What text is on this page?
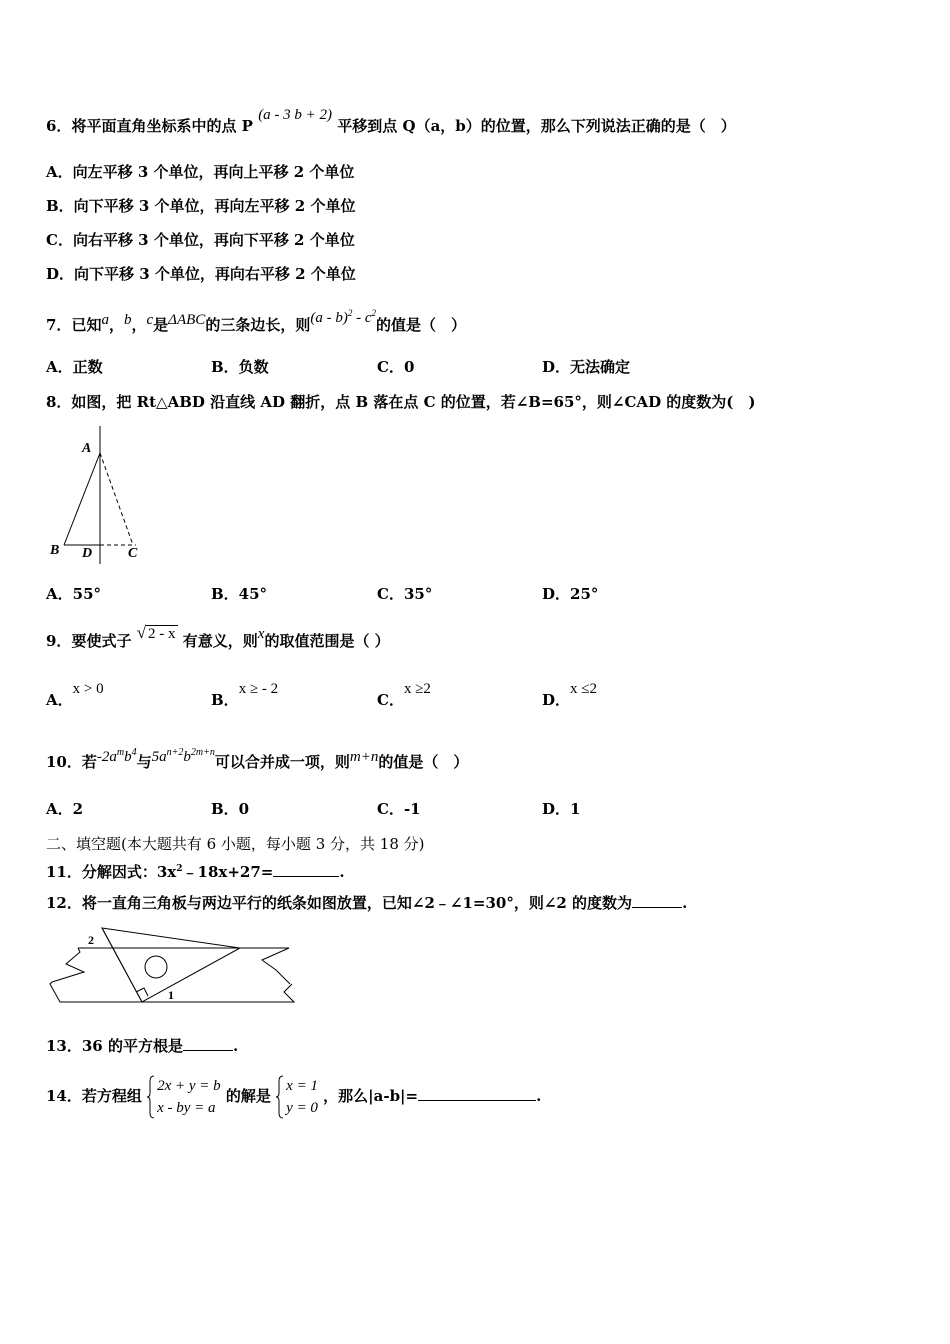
6．将平面直角坐标系中的点 P (a - 3 b + 2) 平移到点 Q（a，b）的位置，那么下列说法正确的是（　）
A．向左平移 3 个单位，再向上平移 2 个单位
B．向下平移 3 个单位，再向左平移 2 个单位
C．向右平移 3 个单位，再向下平移 2 个单位
D．向下平移 3 个单位，再向右平移 2 个单位
7．已知a，b，c是ΔABC的三条边长，则$(a - b)^2 - c^2$的值是（　）
A．正数	B．负数	C．0	D．无法确定
8．如图，把 Rt△ABD 沿直线 AD 翻折，点 B 落在点 C 的位置，若∠B=65°，则∠CAD 的度数为(　)
A
B D	C
A．55°	B．45°	C．35°	D．25°
9．要使式子 √ 2 - x 有意义，则x的取值范围是（ ）
A．x > 0
B．x ≥ - 2
C．x ≥2
D．x ≤2
10．若$-2a^mb^4$与$5a^{n+2}b^{2m+n}$可以合并成一项，则m+n的值是（　）
A．2	B．0	C．-1	D．1
二、填空题(本大题共有 6 小题，每小题 3 分，共 18 分)
11．分解因式：$3x^2﹣18x+27=$	.
12．将一直角三角板与两边平行的纸条如图放置，已知∠2﹣∠1=30°，则∠2 的度数为	.
1
2
13．36 的平方根是	.
14．若方程组
2x + y = b
x - by = a
的解是
x = 1
y = 0
，那么|a-b|=	.
